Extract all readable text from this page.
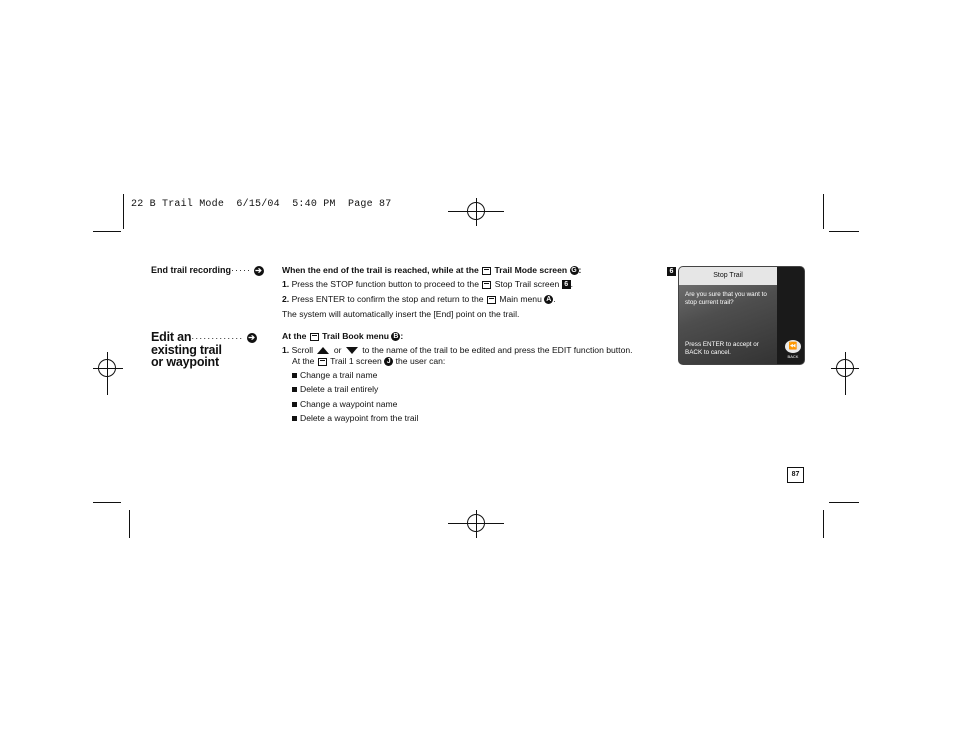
22 B Trail Mode  6/15/04  5:40 PM  Page 87
End trail recording····· ➔ When the end of the trail is reached, while at the Trail Mode screen G :
1. Press the STOP function button to proceed to the Stop Trail screen 6 .
2. Press ENTER to confirm the stop and return to the Main menu A .
The system will automatically insert the [End] point on the trail.
Edit an············· ➔
existing trail
or waypoint
At the Trail Book menu B :
1. Scroll or to the name of the trail to be edited and press the EDIT function button.
At the Trail 1 screen J the user can:
Change a trail name
Delete a trail entirely
Change a waypoint name
Delete a waypoint from the trail
6
Stop Trail
Are you sure that you want to stop current trail?
Press ENTER to accept or BACK to cancel.
⏪
BACK
87
